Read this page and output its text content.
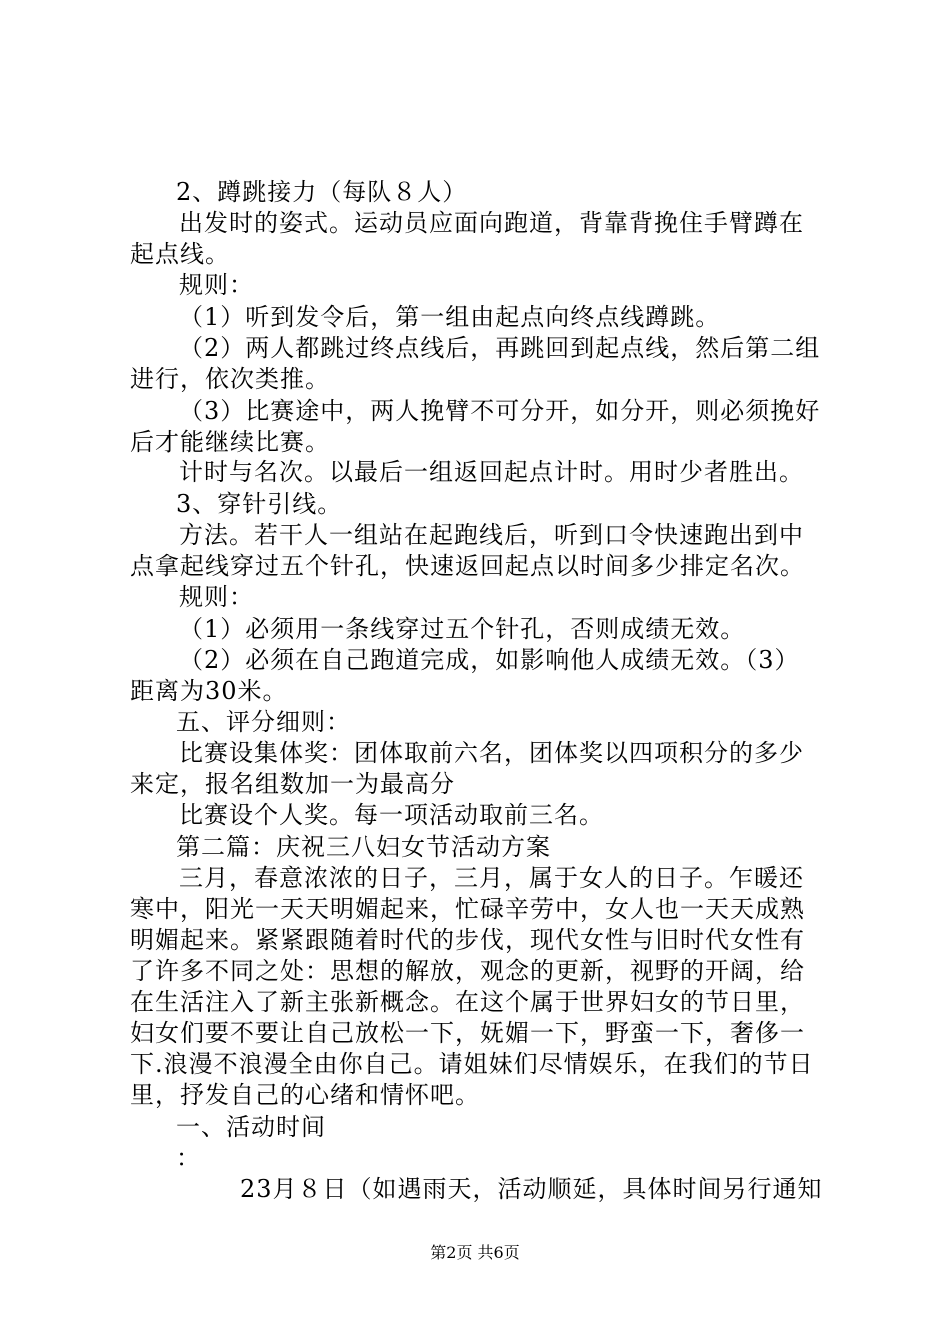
2、蹲跳接力（每队８人）
出发时的姿式。运动员应面向跑道，背靠背挽住手臂蹲在
起点线。
规则：
（1）听到发令后，第一组由起点向终点线蹲跳。
（2）两人都跳过终点线后，再跳回到起点线，然后第二组
进行，依次类推。
（3）比赛途中，两人挽臂不可分开，如分开，则必须挽好
后才能继续比赛。
计时与名次。以最后一组返回起点计时。用时少者胜出。
3、穿针引线。
方法。若干人一组站在起跑线后，听到口令快速跑出到中
点拿起线穿过五个针孔，快速返回起点以时间多少排定名次。
规则：
（1）必须用一条线穿过五个针孔，否则成绩无效。
（2）必须在自己跑道完成，如影响他人成绩无效。（3）
距离为30米。
五、评分细则：
比赛设集体奖：团体取前六名，团体奖以四项积分的多少
来定，报名组数加一为最高分
比赛设个人奖。每一项活动取前三名。
第二篇：庆祝三八妇女节活动方案
三月，春意浓浓的日子，三月，属于女人的日子。乍暖还
寒中，阳光一天天明媚起来，忙碌辛劳中，女人也一天天成熟
明媚起来。紧紧跟随着时代的步伐，现代女性与旧时代女性有
了许多不同之处：思想的解放，观念的更新，视野的开阔，给
在生活注入了新主张新概念。在这个属于世界妇女的节日里，
妇女们要不要让自己放松一下，妩媚一下，野蛮一下，奢侈一
下.浪漫不浪漫全由你自己。请姐妹们尽情娱乐，在我们的节日
里，抒发自己的心绪和情怀吧。
一、活动时间
：
23月８日（如遇雨天，活动顺延，具体时间另行通知
第2页 共6页
